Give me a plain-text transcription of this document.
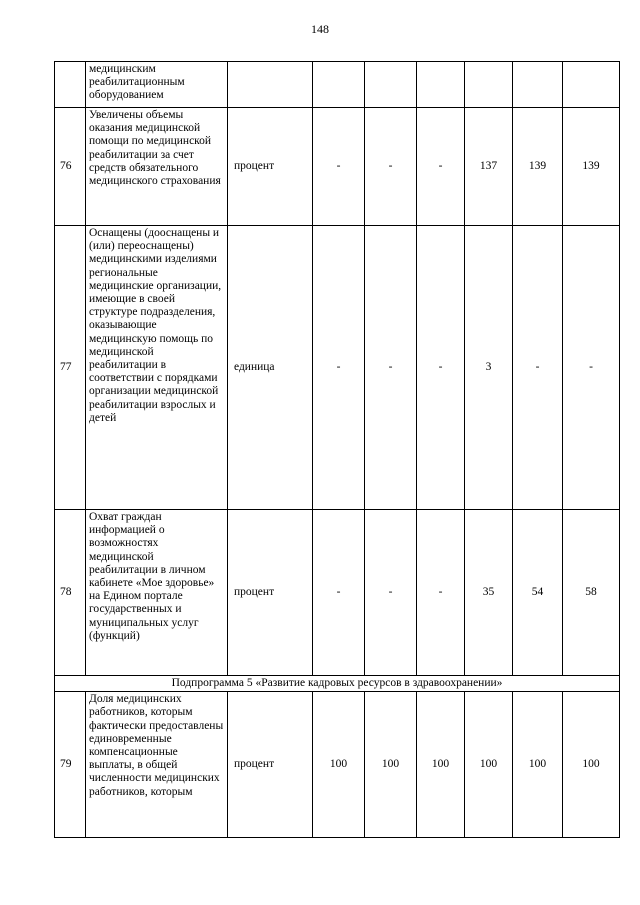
148
	медицинским реабилитационным оборудованием							
76	Увеличены объемы оказания медицинской помощи по медицинской реабилитации за счет средств обязательного медицинского страхования	процент	-	-	-	137	139	139
77	Оснащены (дооснащены и (или) переоснащены) медицинскими изделиями региональные медицинские организации, имеющие в своей структуре подразделения, оказывающие медицинскую помощь по медицинской реабилитации в соответствии с порядками организации медицинской реабилитации взрослых и детей	единица	-	-	-	3	-	-
78	Охват граждан информацией о возможностях медицинской реабилитации в личном кабинете «Мое здоровье» на Едином портале государственных и муниципальных услуг (функций)	процент	-	-	-	35	54	58
Подпрограмма 5 «Развитие кадровых ресурсов в здравоохранении»								
79	Доля медицинских работников, которым фактически предоставлены единовременные компенсационные выплаты, в общей численности медицинских работников, которым	процент	100	100	100	100	100	100
